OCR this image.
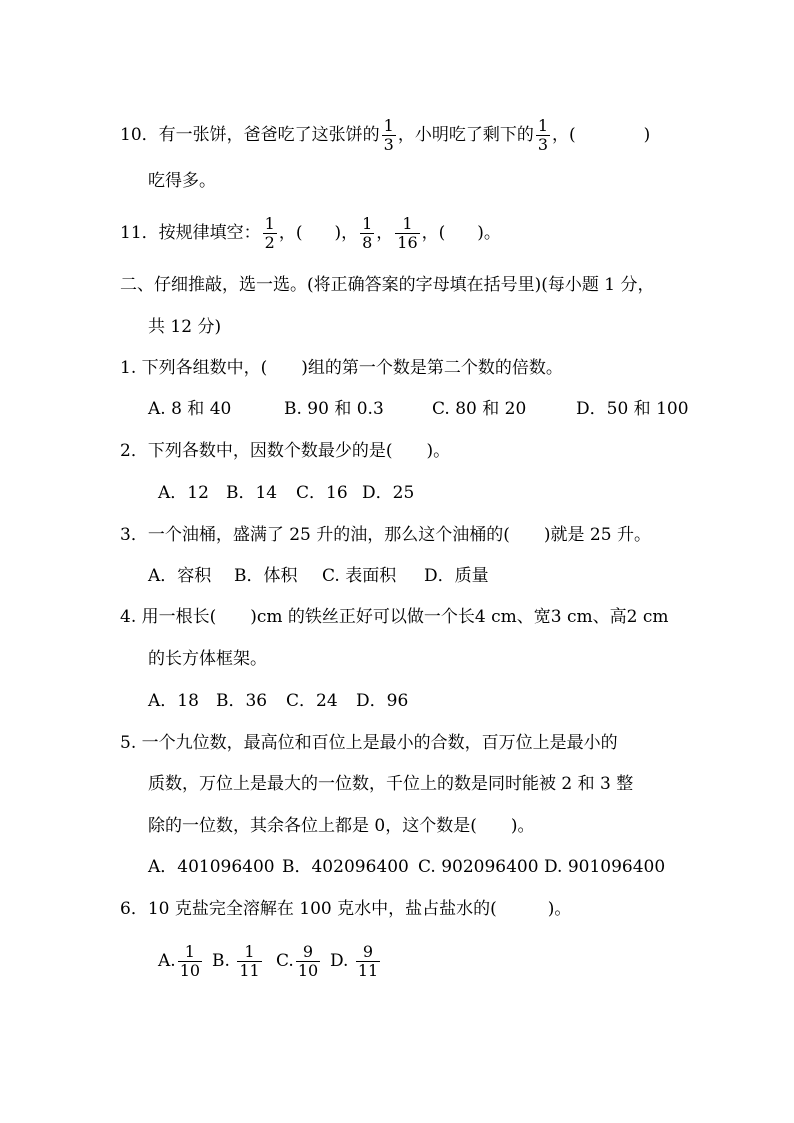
10．有一张饼，爸爸吃了这张饼的 $\frac{1}{3}$ ，小明吃了剩下的 $\frac{1}{3}$ ，(	)
吃得多。
11．按规律填空： $\frac{1}{2}$ ，( )， $\frac{1}{8}$ ， $\frac{1}{16}$ ，( )。
二、仔细推敲，选一选。(将正确答案的字母填在括号里)(每小题 1 分，
共 12 分)
1. 下列各组数中，(　　)组的第一个数是第二个数的倍数。
A. 8 和 40	B. 90 和 0.3	C. 80 和 20	D．50 和 100
2．下列各数中，因数个数最少的是(　　)。
A．12 B．14 C．16 D．25
3．一个油桶，盛满了 25 升的油，那么这个油桶的(　　)就是 25 升。
A．容积 B．体积 C. 表面积 D．质量
4. 用一根长(　　)cm 的铁丝正好可以做一个长4 cm、宽3 cm、高2 cm
的长方体框架。
A．18 B．36 C．24 D．96
5. 一个九位数，最高位和百位上是最小的合数，百万位上是最小的
质数，万位上是最大的一位数，千位上的数是同时能被 2 和 3 整
除的一位数，其余各位上都是 0，这个数是(　　)。
A．401096400 B．402096400 C. 902096400 D. 901096400
6．10 克盐完全溶解在 100 克水中，盐占盐水的(　　　)。
A. $\frac{1}{10} B$. $\frac{1}{11} C$. $\frac{9}{10} D$. $\frac{9}{11}$
